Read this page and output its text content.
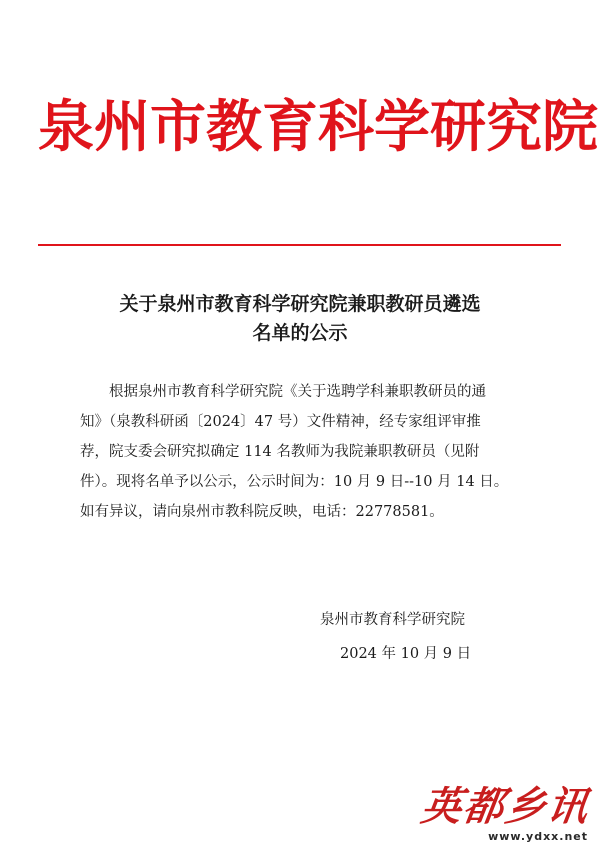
泉州市教育科学研究院
关于泉州市教育科学研究院兼职教研员遴选
名单的公示
　　根据泉州市教育科学研究院《关于选聘学科兼职教研员的通
知》（泉教科研函〔2024〕47 号）文件精神，经专家组评审推
荐，院支委会研究拟确定 114 名教师为我院兼职教研员（见附
件）。现将名单予以公示，公示时间为：10 月 9 日--10 月 14 日。
如有异议，请向泉州市教科院反映，电话：22778581。
泉州市教育科学研究院
2024 年 10 月 9 日
英都乡讯
www.ydxx.net
